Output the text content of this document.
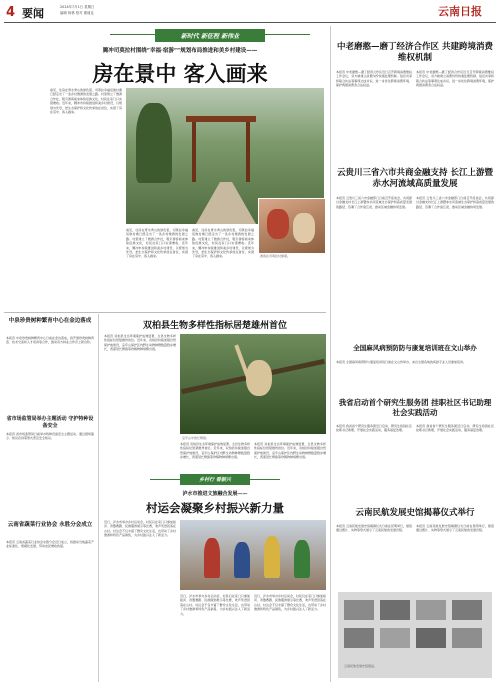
4 要闻	2024年7月1日 星期日
编辑 杨林 校对 康迪克	云南日报
新时代 新征程 新伟业

腾冲司莫拉村围绕“幸福·宿游”“规划布局推进和美乡村建设——

房在景中 客入画来

看见，住房在青水秀山的绿色里，司莫拉幸福佤族村寨已经走出了一条乡村旅游的发展之路。村里建立了旅游合作社，吸引游客前来体验佤族文化，村民在家门口实现增收。近年来，腾冲市持续推进和美乡村建设，以规划为先导，把生态保护和文化传承放在首位，实现了房在景中、客入画来。
看见，住房在青水秀山的绿色里，司莫拉幸福佤族村寨已经走出了一条乡村旅游的发展之路。村里建立了旅游合作社，吸引游客前来体验佤族文化，村民在家门口实现增收。近年来，腾冲市持续推进和美乡村建设，以规划为先导，把生态保护和文化传承放在首位，实现了房在景中、客入画来。
看见，住房在青水秀山的绿色里，司莫拉幸福佤族村寨已经走出了一条乡村旅游的发展之路。村里建立了旅游合作社，吸引游客前来体验佤族文化，村民在家门口实现增收。近年来，腾冲市持续推进和美乡村建设，以规划为先导，把生态保护和文化传承放在首位，实现了房在景中、客入画来。	游客在司莫拉村参观。

中老磨憨—磨丁经济合作区 共建跨境消费维权机制

本报讯 中老磨憨—磨丁经济合作区近日召开跨境消费维权工作会议，双方就建立消费纠纷快速处理机制、信息共享和联合执法等事项达成共识，进一步优化跨境消费环境，保护两国消费者合法权益。
本报讯 中老磨憨—磨丁经济合作区近日召开跨境消费维权工作会议，双方就建立消费纠纷快速处理机制、信息共享和联合执法等事项达成共识，进一步优化跨境消费环境，保护两国消费者合法权益。

云贵川三省六市共商金融支持 长江上游暨赤水河流域高质量发展

本报讯 云贵川三省六市金融部门日前召开座谈会，共同探讨金融支持长江上游暨赤水河流域生态保护和高质量发展的路径，签署了合作备忘录，推动区域金融协同发展。
本报讯 云贵川三省六市金融部门日前召开座谈会，共同探讨金融支持长江上游暨赤水河流域生态保护和高质量发展的路径，签署了合作备忘录，推动区域金融协同发展。

全国麻风病预防防与康复培训班在文山举办

本报讯 全国麻风病预防与康复培训班日前在文山州举办，来自全国各地的疾控专业人员参加培训。

我省启动首个研究生服务团 挂职社区书记助理社会实践活动

本报讯 我省首个研究生服务团近日启动，研究生将到社区挂职书记助理，开展社会实践活动，服务基层治理。
本报讯 我省首个研究生服务团近日启动，研究生将到社区挂职书记助理，开展社会实践活动，服务基层治理。

云南民航发展史馆揭幕仪式举行

本报讯 云南民航发展史馆揭幕仪式日前在昆明举行，展馆通过图片、实物等形式展示了云南民航的发展历程。
本报讯 云南民航发展史馆揭幕仪式日前在昆明举行，展馆通过图片、实物等形式展示了云南民航的发展历程。
云南民航发展史馆展品。

中泉珍贵树种繁育中心在金边落成

本报讯 中泉珍贵树种繁育中心日前在金边落成，将开展珍贵树种育苗、技术交流和人才培训等合作，推动双方林业合作迈上新台阶。

省市场监管局举办主题活动 守护特种设备安全

本报讯 省市场监管局日前举办特种设备安全主题活动，通过现场演示、知识宣讲等形式普及安全知识。

云南省蔬菜行业协会 永胜分会成立

本报讯 云南省蔬菜行业协会永胜分会近日成立，将推动当地蔬菜产业标准化、规模化发展，带动农民增收致富。

双柏县生物多样性指标居楚雄州首位

本报讯 双柏县生态环境保护成效显著，全县生物多样性指标位居楚雄州首位。近年来，双柏县持续加强自然保护地建设，哀牢山保护区内野生动物种群数量稳步增长，西黑冠长臂猿等珍稀物种频繁出现。
哀牢山中的长臂猿。
本报讯 双柏县生态环境保护成效显著，全县生物多样性指标位居楚雄州首位。近年来，双柏县持续加强自然保护地建设，哀牢山保护区内野生动物种群数量稳步增长，西黑冠长臂猿等珍稀物种频繁出现。
本报讯 双柏县生态环境保护成效显著，全县生物多样性指标位居楚雄州首位。近年来，双柏县持续加强自然保护地建设，哀牢山保护区内野生动物种群数量稳步增长，西黑冠长臂猿等珍稀物种频繁出现。
乡村行 看振兴

泸水市推进文旅融合发展——

村运会凝聚乡村振兴新力量

近日，泸水市举办乡村运动会，村民们在家门口参加拔河、背篓赛跑、民族服饰展示等比赛，欢声笑语回荡在山村。村运会不仅丰富了群众文化生活，也带动了乡村旅游和特色产品销售，为乡村振兴注入了新活力。
近日，泸水市举办乡村运动会，村民们在家门口参加拔河、背篓赛跑、民族服饰展示等比赛，欢声笑语回荡在山村。村运会不仅丰富了群众文化生活，也带动了乡村旅游和特色产品销售，为乡村振兴注入了新活力。
近日，泸水市举办乡村运动会，村民们在家门口参加拔河、背篓赛跑、民族服饰展示等比赛，欢声笑语回荡在山村。村运会不仅丰富了群众文化生活，也带动了乡村旅游和特色产品销售，为乡村振兴注入了新活力。
